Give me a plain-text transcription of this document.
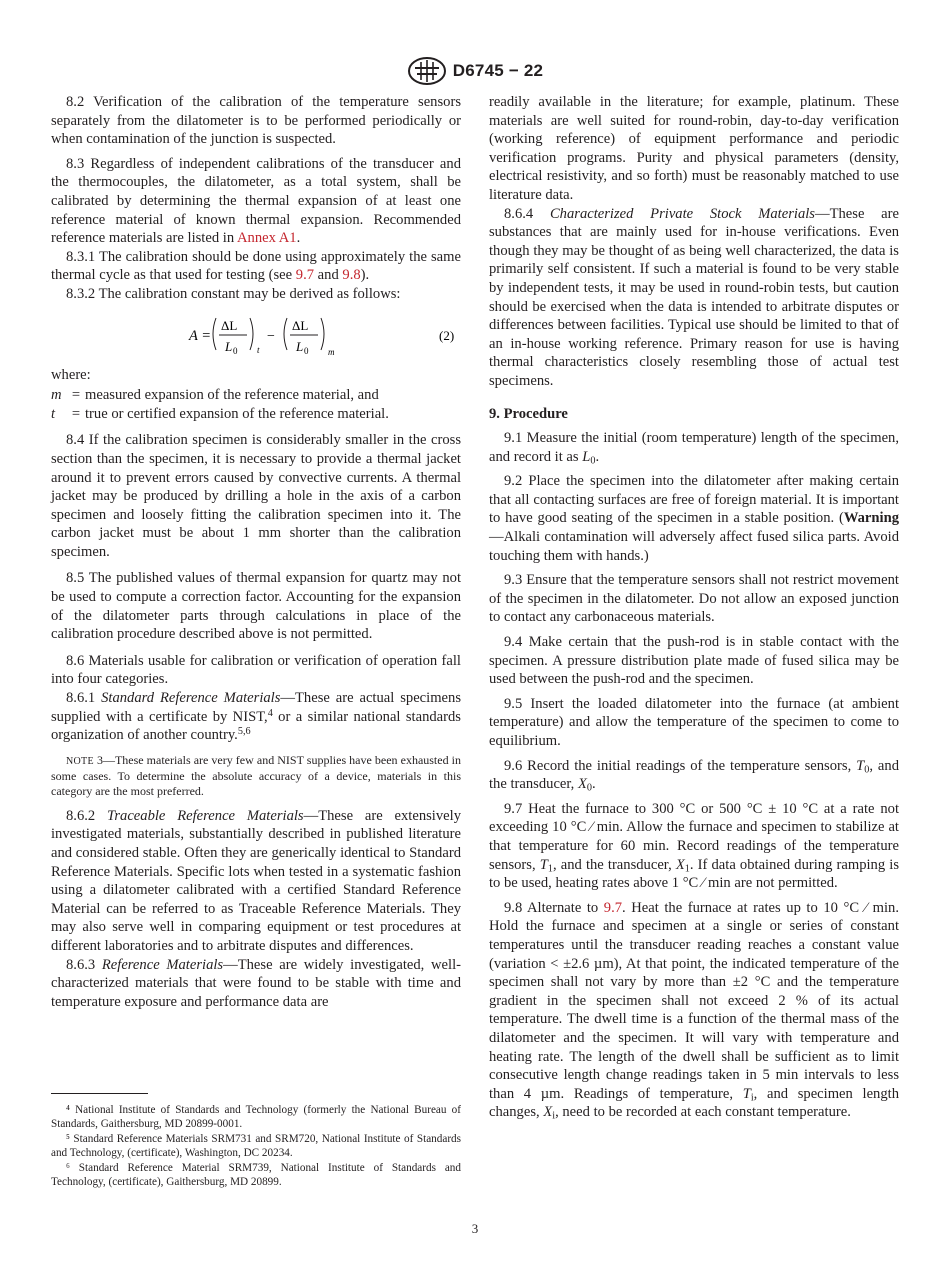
D6745 − 22

8.2 Verification of the calibration of the temperature sensors separately from the dilatometer is to be performed periodically or when contamination of the junction is suspected.

8.3 Regardless of independent calibrations of the transducer and the thermocouples, the dilatometer, as a total system, shall be calibrated by determining the thermal expansion of at least one reference material of known thermal expansion. Recommended reference materials are listed in Annex A1.

8.3.1 The calibration should be done using approximately the same thermal cycle as that used for testing (see 9.7 and 9.8).

8.3.2 The calibration constant may be derived as follows:

A =
ΔL
L 0 t
−
ΔL
L 0 m
(2)

where:

m = measured expansion of the reference material, and
t	= true or certified expansion of the reference material.

8.4 If the calibration specimen is considerably smaller in the cross section than the specimen, it is necessary to provide a thermal jacket around it to prevent errors caused by convective currents. A thermal jacket may be produced by drilling a hole in the axis of a carbon specimen and loosely fitting the calibration specimen into it. The carbon jacket must be about 1 mm shorter than the calibration specimen.

8.5 The published values of thermal expansion for quartz may not be used to compute a correction factor. Accounting for the expansion of the dilatometer parts through calculations in place of the calibration procedure described above is not permitted.

8.6 Materials usable for calibration or verification of operation fall into four categories.

8.6.1 Standard Reference Materials—These are actual specimens supplied with a certificate by NIST,$^4$ or a similar national standards organization of another country.$^{5,6}$

NOTE 3—These materials are very few and NIST supplies have been exhausted in some cases. To determine the absolute accuracy of a device, materials in this category are the most preferred.

8.6.2 Traceable Reference Materials—These are extensively investigated materials, substantially described in published literature and considered stable. Often they are generically identical to Standard Reference Materials. Specific lots when tested in a systematic fashion using a dilatometer calibrated with a certified Standard Reference Material can be referred to as Traceable Reference Materials. They may also serve well in comparing equipment or test procedures at different laboratories and to arbitrate disputes and differences.

8.6.3 Reference Materials—These are widely investigated, well-characterized materials that were found to be stable with time and temperature exposure and performance data are

⁴ National Institute of Standards and Technology (formerly the National Bureau of Standards, Gaithersburg, MD 20899-0001.

⁵ Standard Reference Materials SRM731 and SRM720, National Institute of Standards and Technology, (certificate), Washington, DC 20234.

⁶ Standard Reference Material SRM739, National Institute of Standards and Technology, (certificate), Gaithersburg, MD 20899.

readily available in the literature; for example, platinum. These materials are well suited for round-robin, day-to-day verification (working reference) of equipment performance and periodic verification programs. Purity and physical parameters (density, electrical resistivity, and so forth) must be reasonably matched to use literature data.

8.6.4 Characterized Private Stock Materials—These are substances that are mainly used for in-house verifications. Even though they may be thought of as being well characterized, the data is primarily self consistent. If such a material is found to be very stable by independent tests, it may be used in round-robin tests, but caution should be exercised when the data is intended to arbitrate disputes or differences between facilities. Typical use should be limited to that of an in-house working reference. Primary reason for use is having thermal characteristics closely resembling those of actual test specimens.

9. Procedure

9.1 Measure the initial (room temperature) length of the specimen, and record it as $L_0$.

9.2 Place the specimen into the dilatometer after making certain that all contacting surfaces are free of foreign material. It is important to have good seating of the specimen in a stable position. (Warning—Alkali contamination will adversely affect fused silica parts. Avoid touching them with hands.)

9.3 Ensure that the temperature sensors shall not restrict movement of the specimen in the dilatometer. Do not allow an exposed junction to contact any carbonaceous materials.

9.4 Make certain that the push-rod is in stable contact with the specimen. A pressure distribution plate made of fused silica may be used between the push-rod and the specimen.

9.5 Insert the loaded dilatometer into the furnace (at ambient temperature) and allow the temperature of the specimen to come to equilibrium.

9.6 Record the initial readings of the temperature sensors, $T_0$, and the transducer, $X_0$.

9.7 Heat the furnace to 300 °C or 500 °C ± 10 °C at a rate not exceeding 10 °C ⁄ min. Allow the furnace and specimen to stabilize at that temperature for 60 min. Record readings of the temperature sensors, $T_1$, and the transducer, $X_1$. If data obtained during ramping is to be used, heating rates above 1 °C ⁄ min are not permitted.

9.8 Alternate to 9.7. Heat the furnace at rates up to 10 °C ⁄ min. Hold the furnace and specimen at a single or series of constant temperatures until the transducer reading reaches a constant value (variation < ±2.6 µm), At that point, the indicated temperature of the specimen shall not vary by more than ±2 °C and the temperature gradient in the specimen shall not exceed 2 % of its actual temperature. The dwell time is a function of the thermal mass of the dilatometer and the specimen. It will vary with temperature and heating rate. The length of the dwell shall be sufficient as to limit consecutive length change readings taken in 5 min intervals to less than 4 µm. Readings of temperature, $T_i$, and specimen length changes, $X_i$, need to be recorded at each constant temperature.

3
